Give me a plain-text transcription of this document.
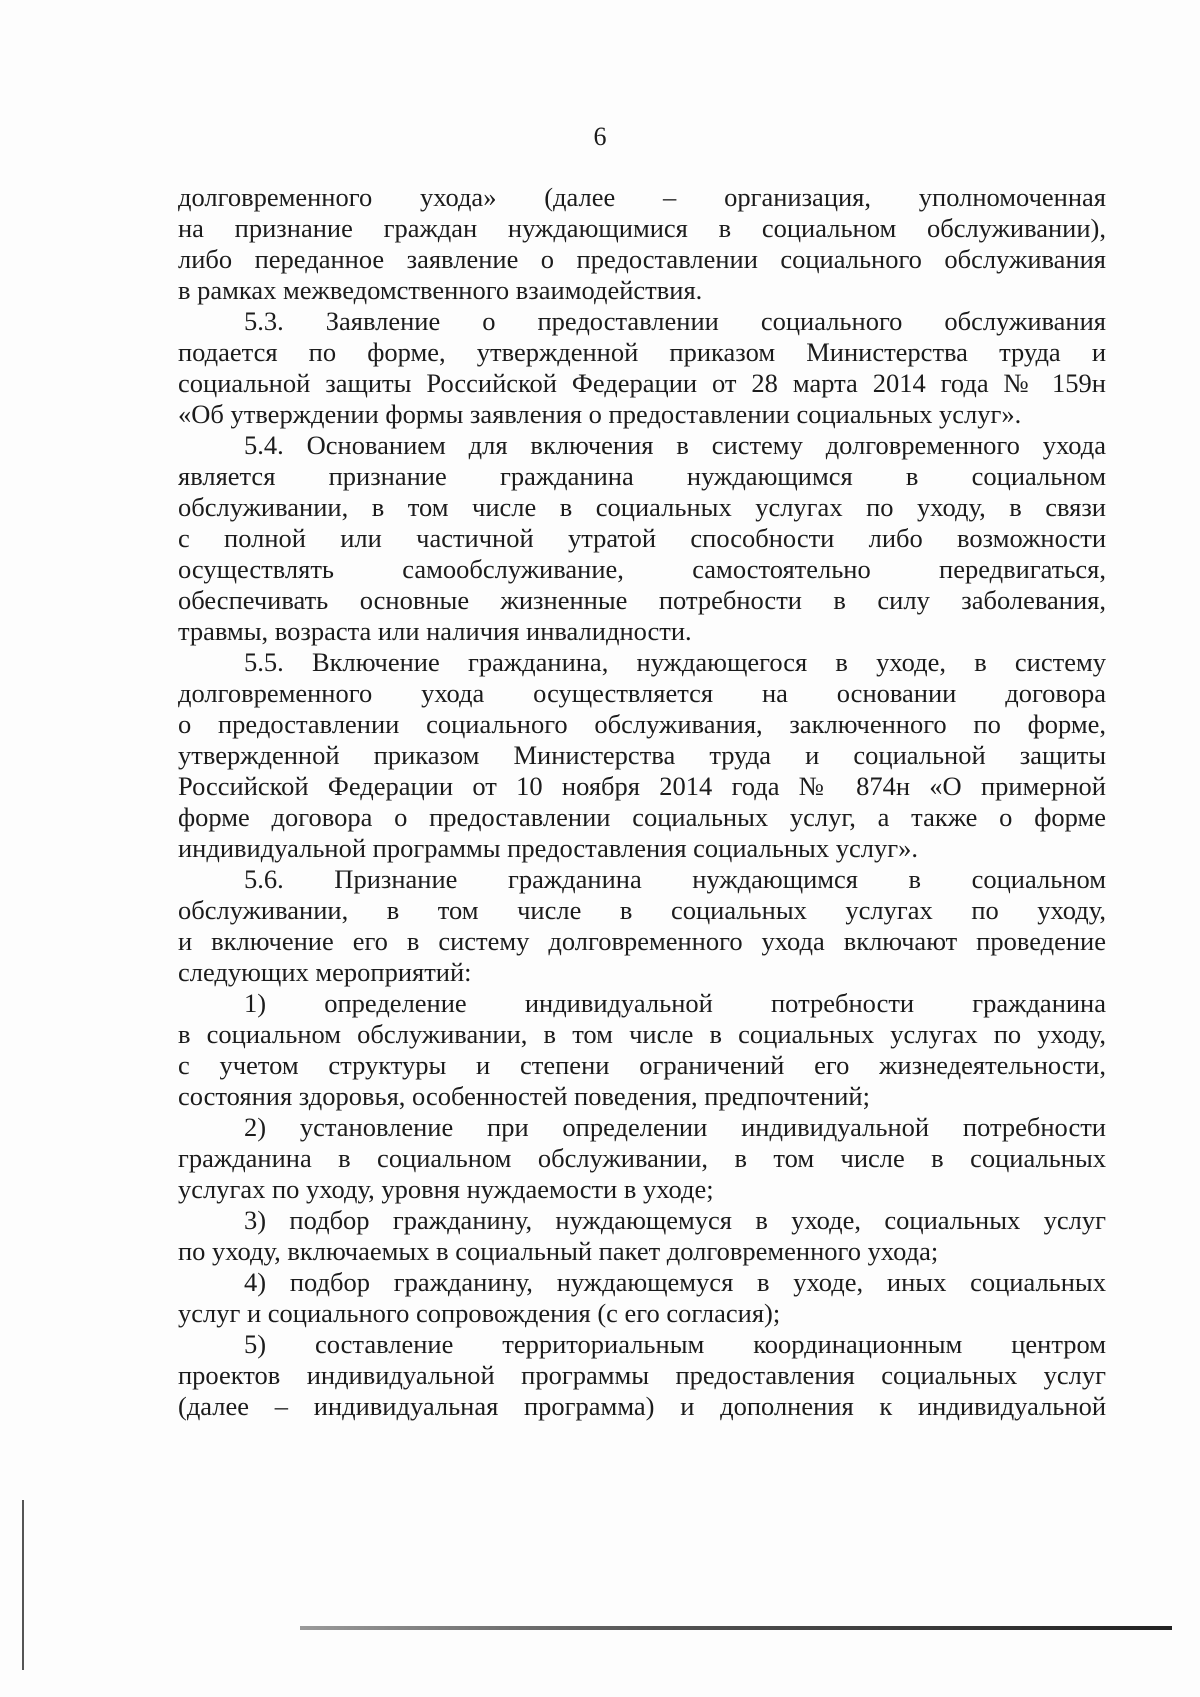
6
долговременного ухода» (далее – организация, уполномоченная
на признание граждан нуждающимися в социальном обслуживании),
либо переданное заявление о предоставлении социального обслуживания
в рамках межведомственного взаимодействия.
5.3. Заявление о предоставлении социального обслуживания
подается по форме, утвержденной приказом Министерства труда и
социальной защиты Российской Федерации от 28 марта 2014 года № 159н
«Об утверждении формы заявления о предоставлении социальных услуг».
5.4. Основанием для включения в систему долговременного ухода
является признание гражданина нуждающимся в социальном
обслуживании, в том числе в социальных услугах по уходу, в связи
с полной или частичной утратой способности либо возможности
осуществлять самообслуживание, самостоятельно передвигаться,
обеспечивать основные жизненные потребности в силу заболевания,
травмы, возраста или наличия инвалидности.
5.5. Включение гражданина, нуждающегося в уходе, в систему
долговременного ухода осуществляется на основании договора
о предоставлении социального обслуживания, заключенного по форме,
утвержденной приказом Министерства труда и социальной защиты
Российской Федерации от 10 ноября 2014 года № 874н «О примерной
форме договора о предоставлении социальных услуг, а также о форме
индивидуальной программы предоставления социальных услуг».
5.6. Признание гражданина нуждающимся в социальном
обслуживании, в том числе в социальных услугах по уходу,
и включение его в систему долговременного ухода включают проведение
следующих мероприятий:
1) определение индивидуальной потребности гражданина
в социальном обслуживании, в том числе в социальных услугах по уходу,
с учетом структуры и степени ограничений его жизнедеятельности,
состояния здоровья, особенностей поведения, предпочтений;
2) установление при определении индивидуальной потребности
гражданина в социальном обслуживании, в том числе в социальных
услугах по уходу, уровня нуждаемости в уходе;
3) подбор гражданину, нуждающемуся в уходе, социальных услуг
по уходу, включаемых в социальный пакет долговременного ухода;
4) подбор гражданину, нуждающемуся в уходе, иных социальных
услуг и социального сопровождения (с его согласия);
5) составление территориальным координационным центром
проектов индивидуальной программы предоставления социальных услуг
(далее – индивидуальная программа) и дополнения к индивидуальной
